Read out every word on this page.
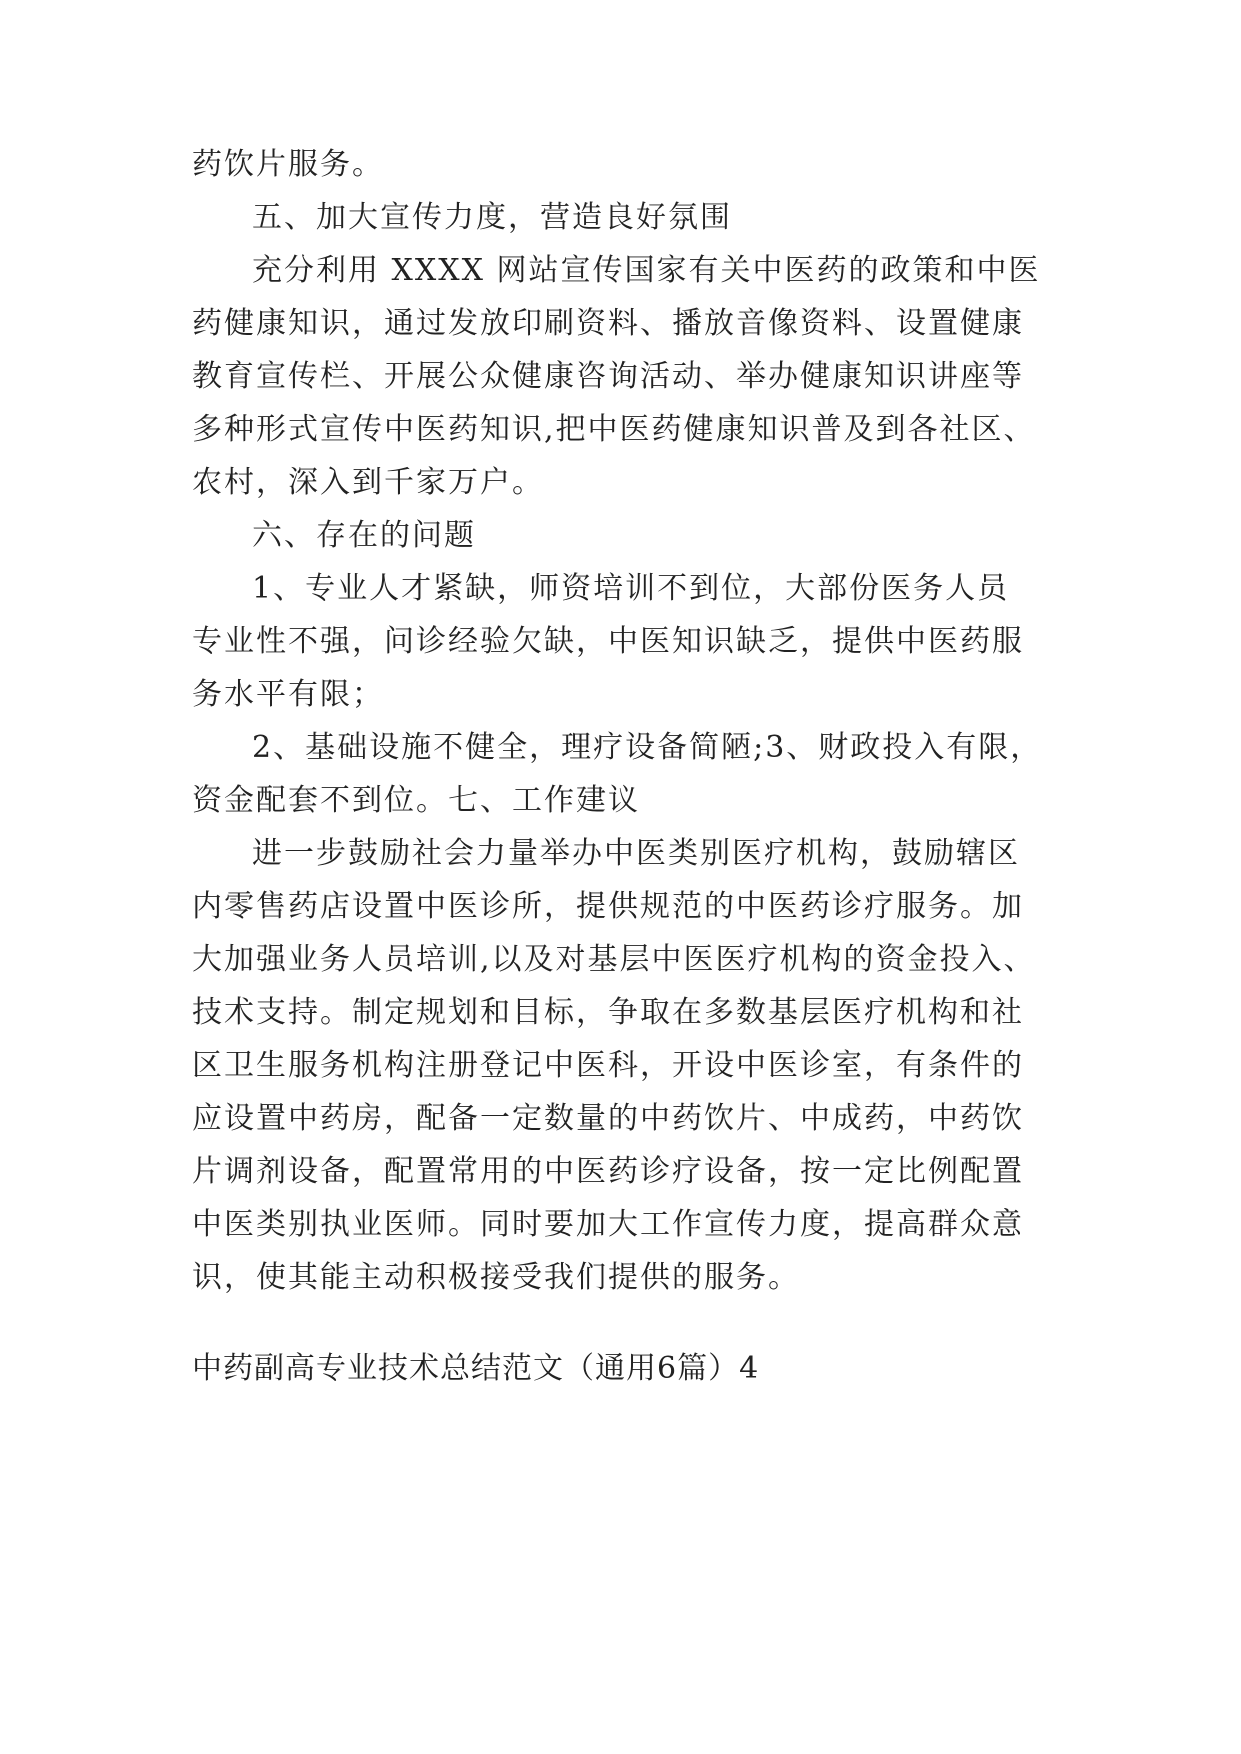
药饮片服务。
五、加大宣传力度，营造良好氛围
充分利用 XXXX 网站宣传国家有关中医药的政策和中医
药健康知识，通过发放印刷资料、播放音像资料、设置健康
教育宣传栏、开展公众健康咨询活动、举办健康知识讲座等
多种形式宣传中医药知识,把中医药健康知识普及到各社区、
农村，深入到千家万户。
六、存在的问题
1、专业人才紧缺，师资培训不到位，大部份医务人员
专业性不强，问诊经验欠缺，中医知识缺乏，提供中医药服
务水平有限；
2、基础设施不健全，理疗设备简陋;3、财政投入有限，
资金配套不到位。七、工作建议
进一步鼓励社会力量举办中医类别医疗机构，鼓励辖区
内零售药店设置中医诊所，提供规范的中医药诊疗服务。加
大加强业务人员培训,以及对基层中医医疗机构的资金投入、
技术支持。制定规划和目标，争取在多数基层医疗机构和社
区卫生服务机构注册登记中医科，开设中医诊室，有条件的
应设置中药房，配备一定数量的中药饮片、中成药，中药饮
片调剂设备，配置常用的中医药诊疗设备，按一定比例配置
中医类别执业医师。同时要加大工作宣传力度，提高群众意
识，使其能主动积极接受我们提供的服务。
中药副高专业技术总结范文（通用6篇）4
